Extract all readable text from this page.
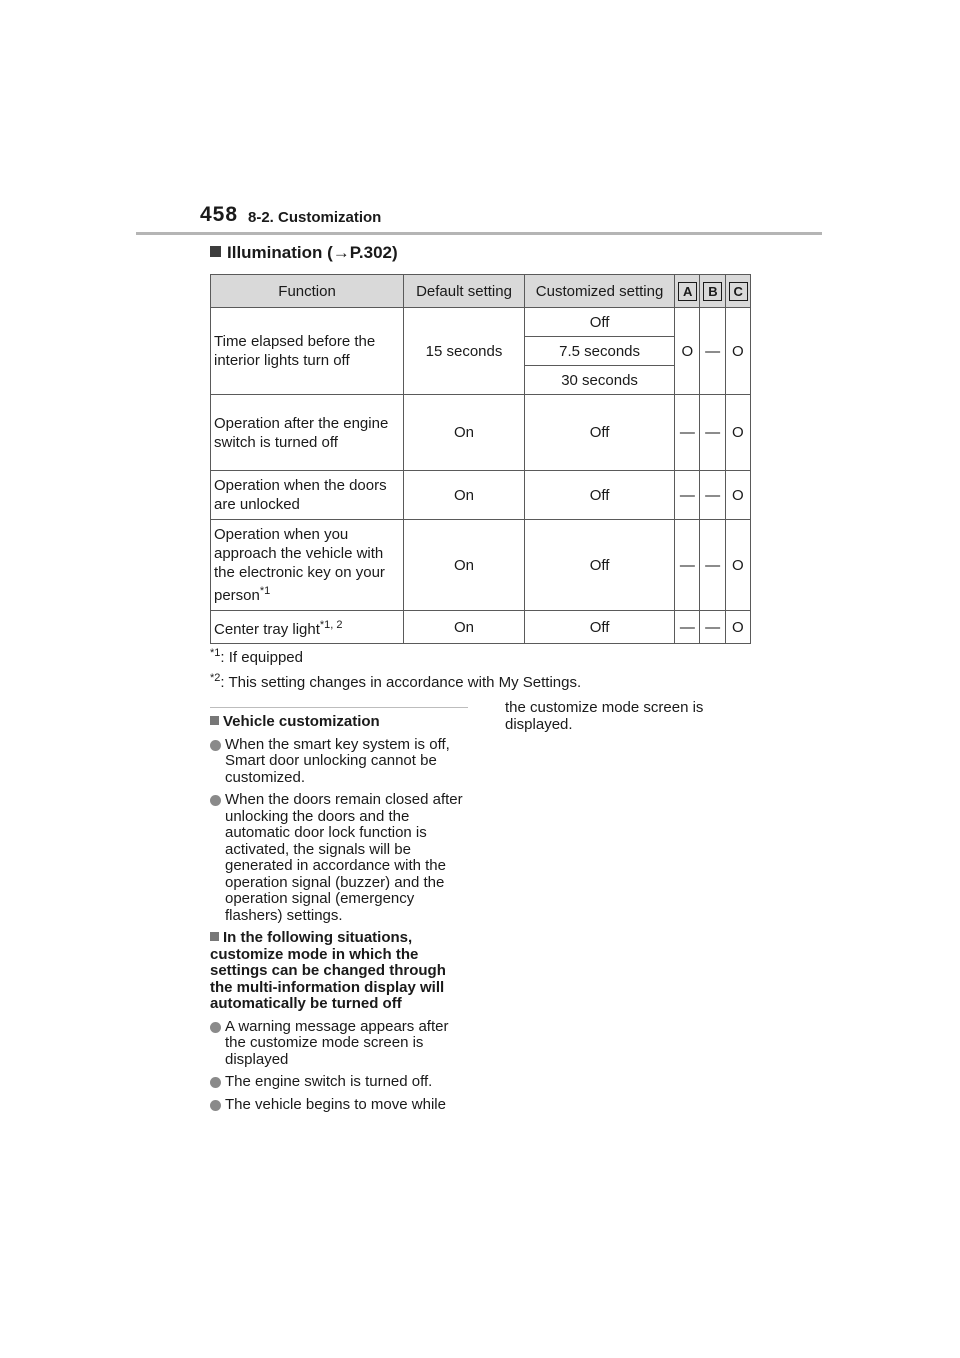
458 8-2. Customization
Illumination (→P.302)
Function	Default setting	Customized setting	A	B	C
Time elapsed before the interior lights turn off	15 seconds	Off	O	—	O
		7.5 seconds			
		30 seconds			
Operation after the engine switch is turned off	On	Off	—	—	O
Operation when the doors are unlocked	On	Off	—	—	O
Operation when you approach the vehicle with the electronic key on your person$^{*1}$	On	Off	—	—	O
Center tray light$^{*1, 2}$	On	Off	—	—	O
$^{*1}$: If equipped
$^{*2}$: This setting changes in accordance with My Settings.

Vehicle customization

When the smart key system is off, Smart door unlocking cannot be customized.
When the doors remain closed after unlocking the doors and the automatic door lock function is activated, the signals will be generated in accordance with the operation signal (buzzer) and the operation signal (emergency flashers) settings.

In the following situations, customize mode in which the settings can be changed through the multi-information display will automatically be turned off

A warning message appears after the customize mode screen is displayed
The engine switch is turned off.
The vehicle begins to move while
the customize mode screen is displayed.
